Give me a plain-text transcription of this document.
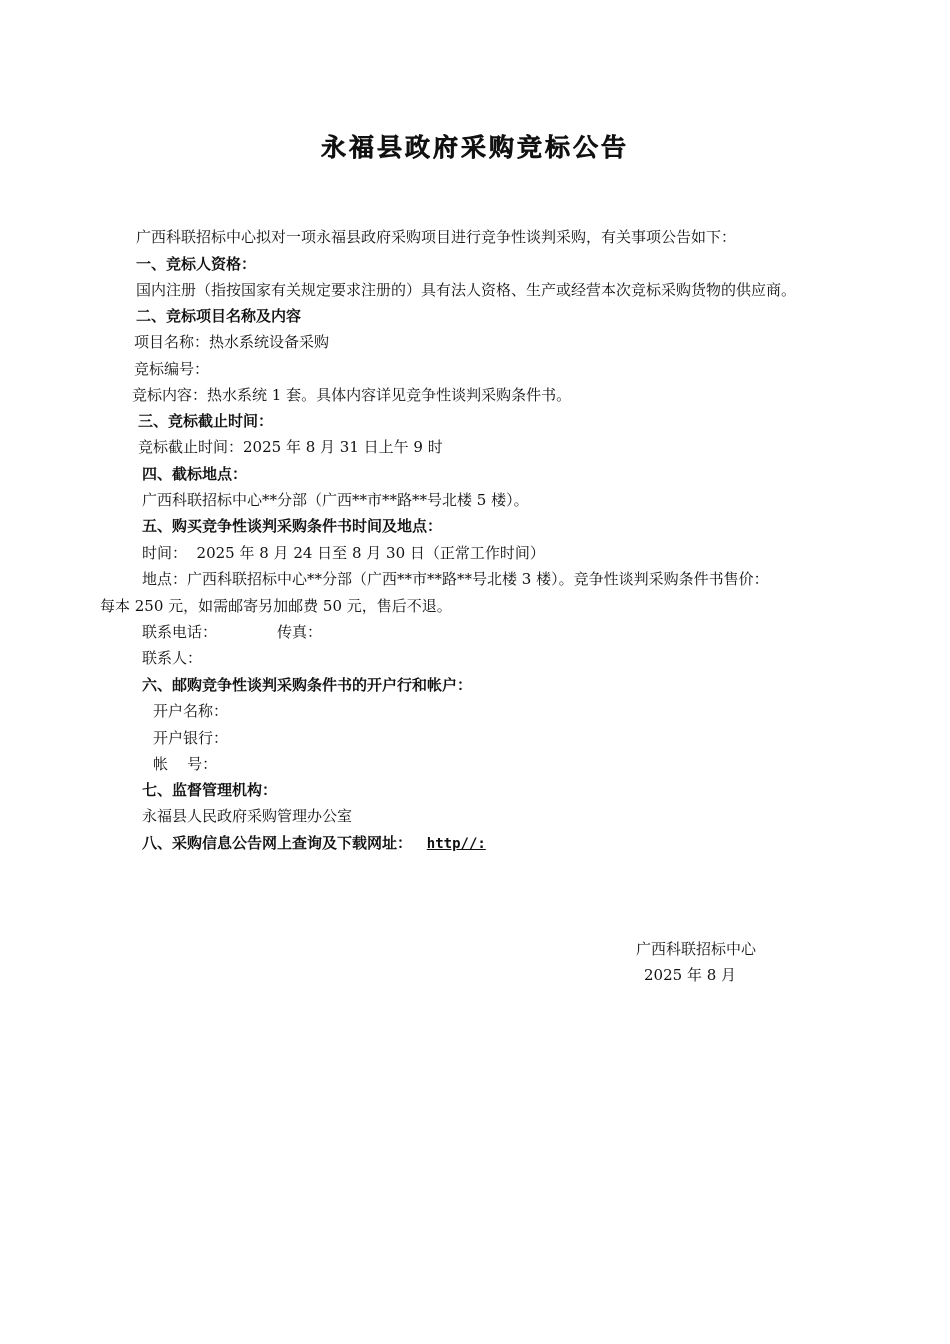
永福县政府采购竞标公告
广西科联招标中心拟对一项永福县政府采购项目进行竞争性谈判采购，有关事项公告如下：
一、竞标人资格：
国内注册（指按国家有关规定要求注册的）具有法人资格、生产或经营本次竞标采购货物的供应商。
二、竞标项目名称及内容
项目名称：热水系统设备采购
竞标编号：
竞标内容：热水系统 1 套。具体内容详见竞争性谈判采购条件书。
三、竞标截止时间：
竞标截止时间：2025 年 8 月 31 日上午 9 时
四、截标地点：
广西科联招标中心**分部（广西**市**路**号北楼 5 楼）。
五、购买竞争性谈判采购条件书时间及地点：
时间：  2025 年 8 月 24 日至 8 月 30 日（正常工作时间）
地点：广西科联招标中心**分部（广西**市**路**号北楼 3 楼）。竞争性谈判采购条件书售价：
每本 250 元，如需邮寄另加邮费 50 元，售后不退。
联系电话：	传真：
联系人：
六、邮购竞争性谈判采购条件书的开户行和帐户：
开户名称：
开户银行：
帐    号：
七、监督管理机构：
永福县人民政府采购管理办公室
八、采购信息公告网上查询及下载网址： http//:
广西科联招标中心
2025 年 8 月
